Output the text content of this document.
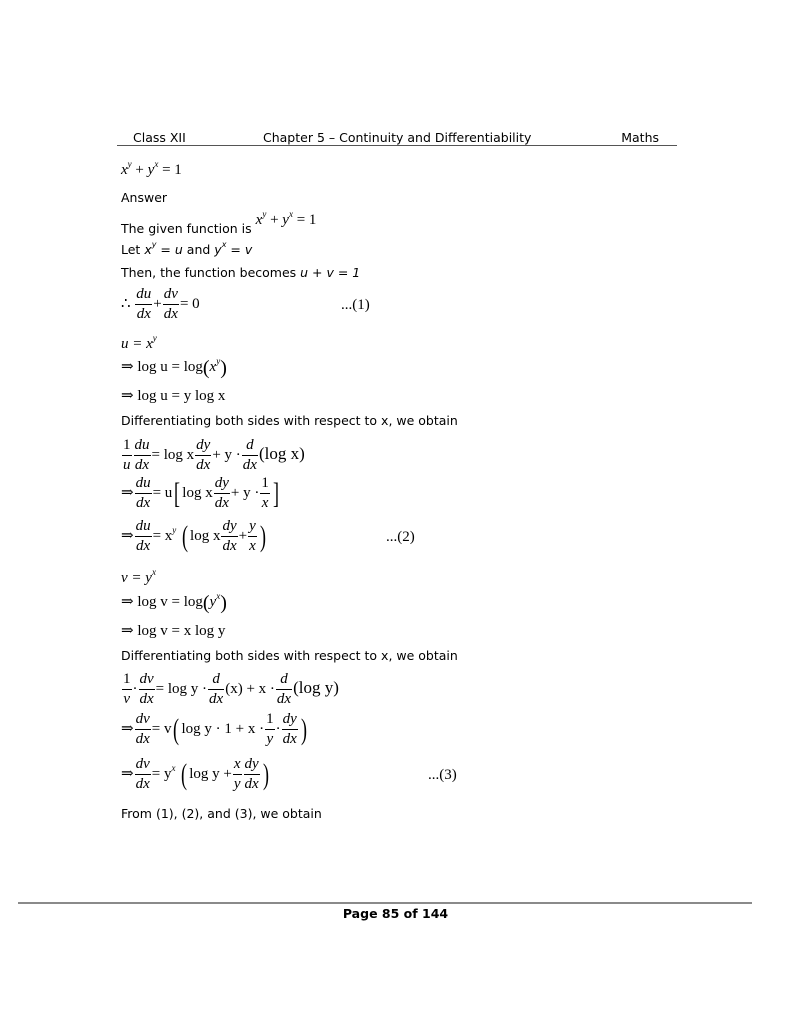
Class XII	Chapter 5 – Continuity and Differentiability	Maths
$x^y + y^x = 1$
Answer
$_{The given function is}$ $x^y + y^x = 1$
Let $x^y = u$ and $y^x = v$
Then, the function becomes u + v = 1
∴ $\frac{du}{dx} + \frac{dv}{dx} = 0$	...(1)
$u = x^y$
⇒ $\log u = \log(x^y)$
⇒ log u = y log x
Differentiating both sides with respect to x, we obtain
$\frac{1}{u} \frac{du}{dx} = \log x \frac{dy}{dx} + y \cdot \frac{d}{dx} (\log$ x)
⇒ $\frac{du}{dx} = u$[ log x $\frac{dy}{dx} + y \cdot \frac{1}{x}$ ]
⇒ $\frac{du}{dx} = x^y$ ( log x $\frac{dy}{dx} + \frac{y}{x}$ )	...(2)
$v = y^x$
⇒ $\log v = \log(y^x)$
⇒ log v = x log y
Differentiating both sides with respect to x, we obtain
$\frac{1}{v} \cdot \frac{dv}{dx} = \log y \cdot \frac{d}{dx} (x) + x \cdot \frac{d}{dx} (\log$ y)
⇒ $\frac{dv}{dx} = v$( $\log y \cdot 1 + x \cdot \frac{1}{y} \cdot \frac{dy}{dx}$ )
⇒ $\frac{dv}{dx} = y^x$ ( $\log y + \frac{x}{y} \frac{dy}{dx}$ )	...(3)
From (1), (2), and (3), we obtain
Page 85 of 144
